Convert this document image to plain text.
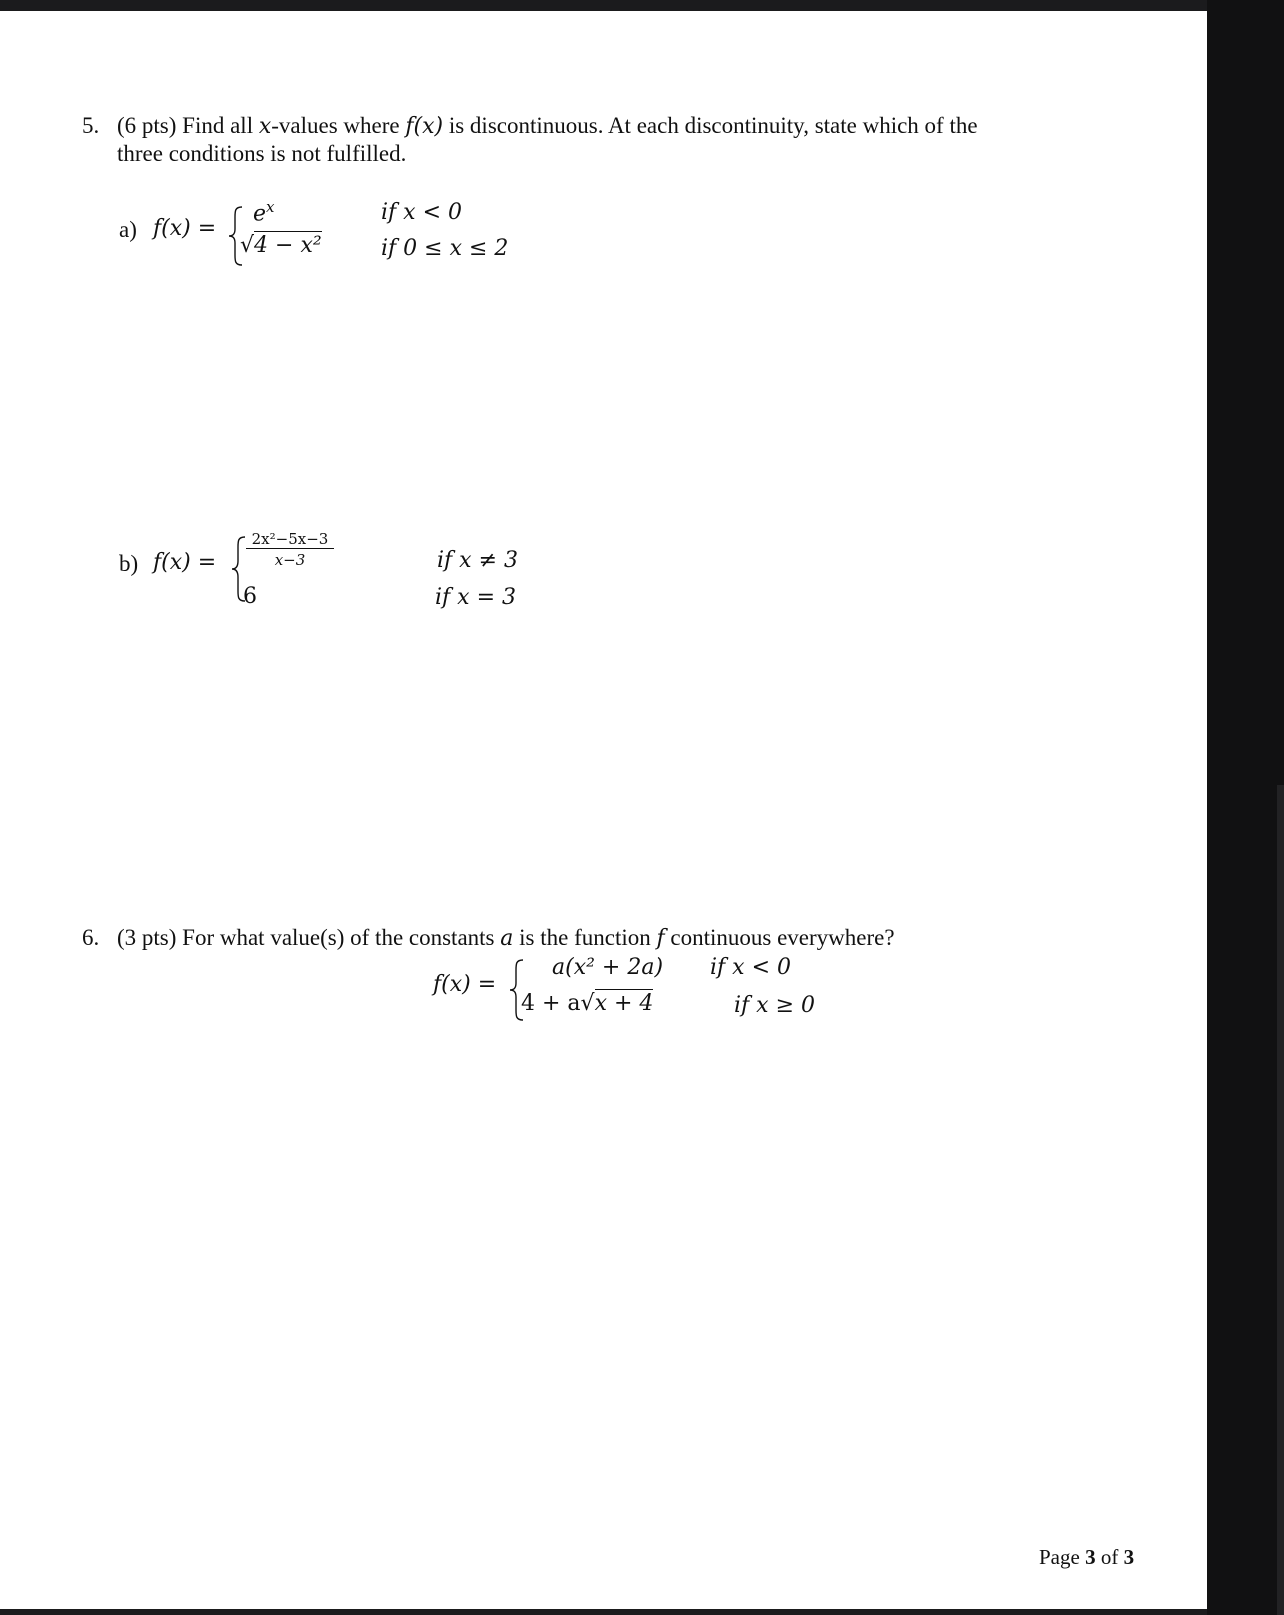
5. (6 pts) Find all x-values where f(x) is discontinuous. At each discontinuity, state which of the
three conditions is not fulfilled.
a) f(x) =
$e^x$
√4 − x²
if x < 0
if 0 ≤ x ≤ 2
b) $f(x) = \frac{\text{2x²−5x−3}}{x-3}$
6
if x ≠ 3
if x = 3
6. (3 pts) For what value(s) of the constants a is the function f continuous everywhere?
f(x) =
a(x² + 2a)
4 + a√x + 4
if x < 0
if x ≥ 0
Page 3 of 3
